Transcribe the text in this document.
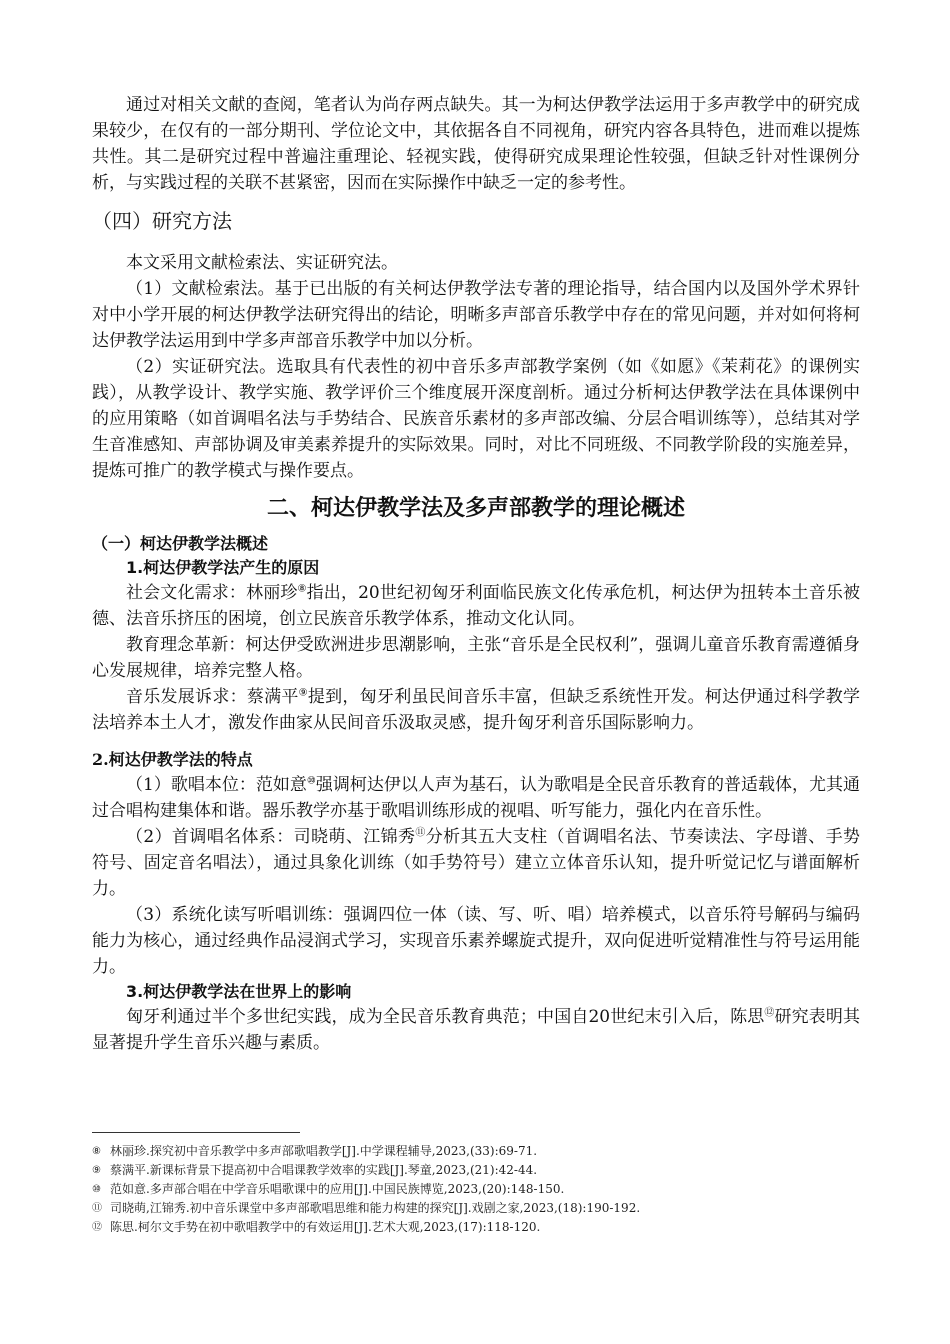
通过对相关文献的查阅，笔者认为尚存两点缺失。其一为柯达伊教学法运用于多声教学中的研究成果较少，在仅有的一部分期刊、学位论文中，其依据各自不同视角，研究内容各具特色，进而难以提炼共性。其二是研究过程中普遍注重理论、轻视实践，使得研究成果理论性较强，但缺乏针对性课例分析，与实践过程的关联不甚紧密，因而在实际操作中缺乏一定的参考性。

（四）研究方法

本文采用文献检索法、实证研究法。

（1）文献检索法。基于已出版的有关柯达伊教学法专著的理论指导，结合国内以及国外学术界针对中小学开展的柯达伊教学法研究得出的结论，明晰多声部音乐教学中存在的常见问题，并对如何将柯达伊教学法运用到中学多声部音乐教学中加以分析。

（2）实证研究法。选取具有代表性的初中音乐多声部教学案例（如《如愿》《茉莉花》的课例实践），从教学设计、教学实施、教学评价三个维度展开深度剖析。通过分析柯达伊教学法在具体课例中的应用策略（如首调唱名法与手势结合、民族音乐素材的多声部改编、分层合唱训练等），总结其对学生音准感知、声部协调及审美素养提升的实际效果。同时，对比不同班级、不同教学阶段的实施差异，提炼可推广的教学模式与操作要点。

二、柯达伊教学法及多声部教学的理论概述
（一）柯达伊教学法概述
1.柯达伊教学法产生的原因

社会文化需求：林丽珍⑧指出，20世纪初匈牙利面临民族文化传承危机，柯达伊为扭转本土音乐被德、法音乐挤压的困境，创立民族音乐教学体系，推动文化认同。

教育理念革新：柯达伊受欧洲进步思潮影响，主张“音乐是全民权利”，强调儿童音乐教育需遵循身心发展规律，培养完整人格。

音乐发展诉求：蔡满平⑨提到，匈牙利虽民间音乐丰富，但缺乏系统性开发。柯达伊通过科学教学法培养本土人才，激发作曲家从民间音乐汲取灵感，提升匈牙利音乐国际影响力。

2.柯达伊教学法的特点

（1）歌唱本位：范如意⑩强调柯达伊以人声为基石，认为歌唱是全民音乐教育的普适载体，尤其通过合唱构建集体和谐。器乐教学亦基于歌唱训练形成的视唱、听写能力，强化内在音乐性。

（2）首调唱名体系：司晓萌、江锦秀⑪分析其五大支柱（首调唱名法、节奏读法、字母谱、手势符号、固定音名唱法），通过具象化训练（如手势符号）建立立体音乐认知，提升听觉记忆与谱面解析力。

（3）系统化读写听唱训练：强调四位一体（读、写、听、唱）培养模式，以音乐符号解码与编码能力为核心，通过经典作品浸润式学习，实现音乐素养螺旋式提升，双向促进听觉精准性与符号运用能力。

3.柯达伊教学法在世界上的影响

匈牙利通过半个多世纪实践，成为全民音乐教育典范；中国自20世纪末引入后，陈思⑫研究表明其显著提升学生音乐兴趣与素质。

⑧ 林丽珍.探究初中音乐教学中多声部歌唱教学[J].中学课程辅导,2023,(33):69-71.
⑨ 蔡满平.新课标背景下提高初中合唱课教学效率的实践[J].琴童,2023,(21):42-44.
⑩ 范如意.多声部合唱在中学音乐唱歌课中的应用[J].中国民族博览,2023,(20):148-150.
⑪ 司晓萌,江锦秀.初中音乐课堂中多声部歌唱思维和能力构建的探究[J].戏剧之家,2023,(18):190-192.
⑫ 陈思.柯尔文手势在初中歌唱教学中的有效运用[J].艺术大观,2023,(17):118-120.
